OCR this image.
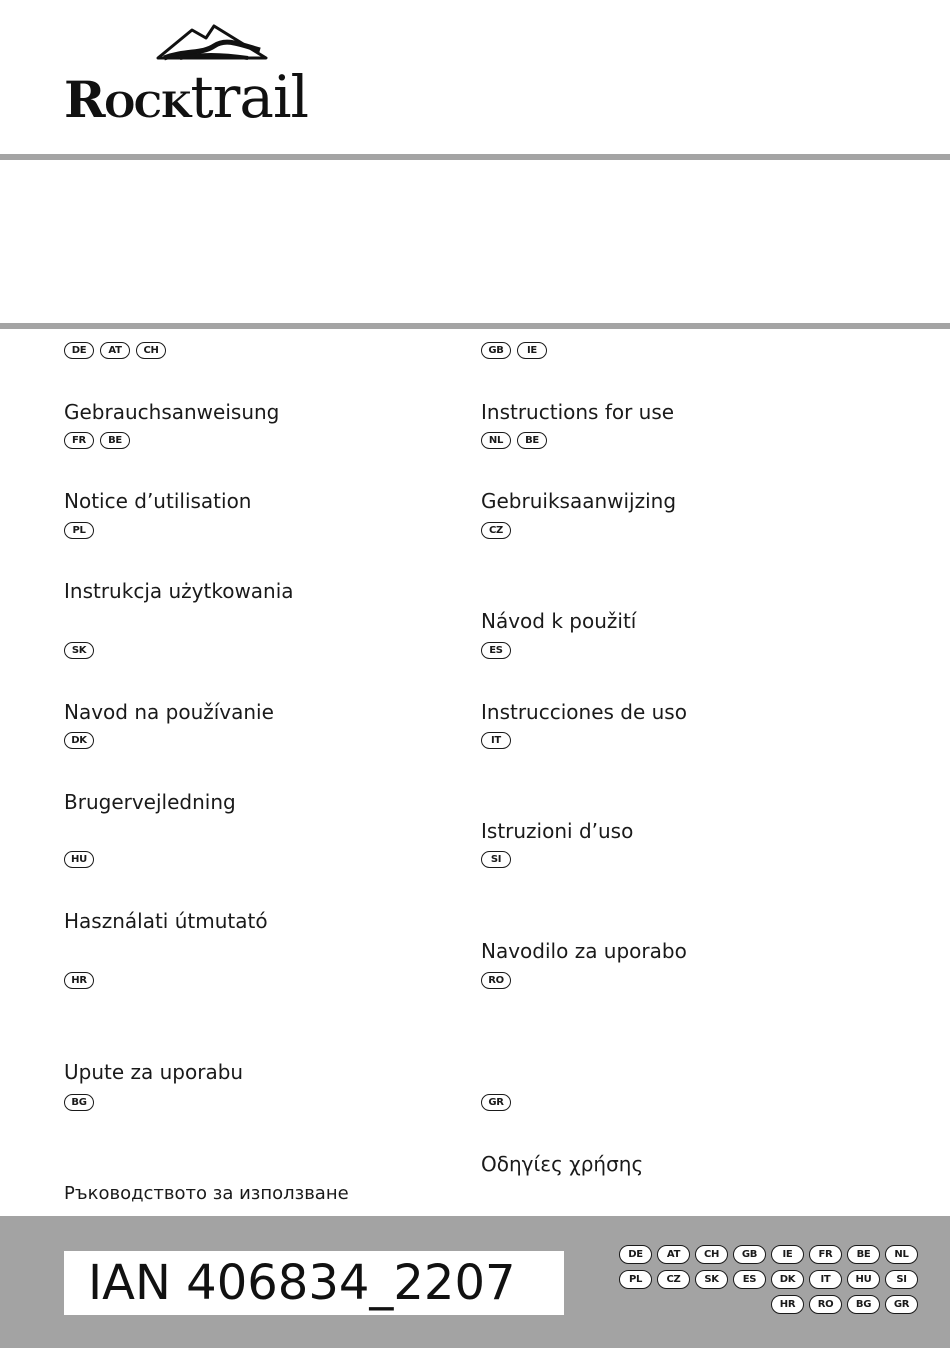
Rocktrail
DE	AT	CH
Gebrauchsanweisung
FR	BE
Notice d’utilisation
PL
Instrukcja użytkowania
SK
Navod na používanie
DK
Brugervejledning
HU
Használati útmutató
HR
Upute za uporabu
BG
Ръководството за използване
GB	IE
Instructions for use
NL	BE
Gebruiksaanwijzing
CZ
Návod k použití
ES
Instrucciones de uso
IT
Istruzioni d’uso
SI
Navodilo za uporabo
RO
GR
Οδηγίες χρήσης
IAN 406834_2207
DE	AT	CH	GB	IE	FR	BE	NL
PL	CZ	SK	ES	DK	IT	HU	SI
HR	RO	BG	GR
